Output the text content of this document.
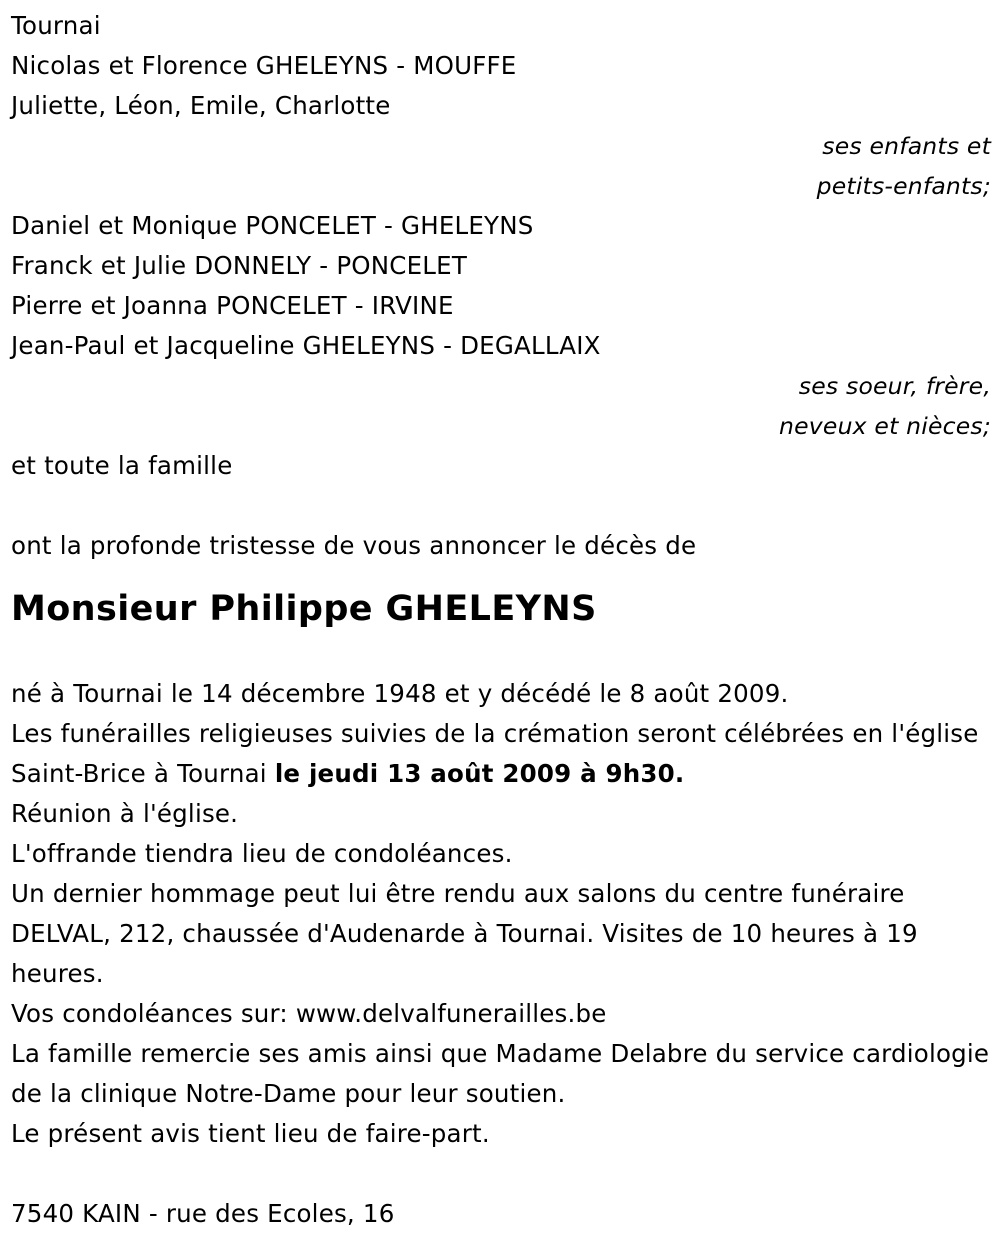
Tournai
Nicolas et Florence GHELEYNS - MOUFFE
Juliette, Léon, Emile, Charlotte
ses enfants et
petits-enfants;
Daniel et Monique PONCELET - GHELEYNS
Franck et Julie DONNELY - PONCELET
Pierre et Joanna PONCELET - IRVINE
Jean-Paul et Jacqueline GHELEYNS - DEGALLAIX
ses soeur, frère,
neveux et nièces;
et toute la famille
ont la profonde tristesse de vous annoncer le décès de
Monsieur Philippe GHELEYNS
né à Tournai le 14 décembre 1948 et y décédé le 8 août 2009.
Les funérailles religieuses suivies de la crémation seront célébrées en l'église Saint-Brice à Tournai le jeudi 13 août 2009 à 9h30.
Réunion à l'église.
L'offrande tiendra lieu de condoléances.
Un dernier hommage peut lui être rendu aux salons du centre funéraire DELVAL, 212, chaussée d'Audenarde à Tournai. Visites de 10 heures à 19 heures.
Vos condoléances sur: www.delvalfunerailles.be
La famille remercie ses amis ainsi que Madame Delabre du service cardiologie de la clinique Notre-Dame pour leur soutien.
Le présent avis tient lieu de faire-part.
7540 KAIN - rue des Ecoles, 16
